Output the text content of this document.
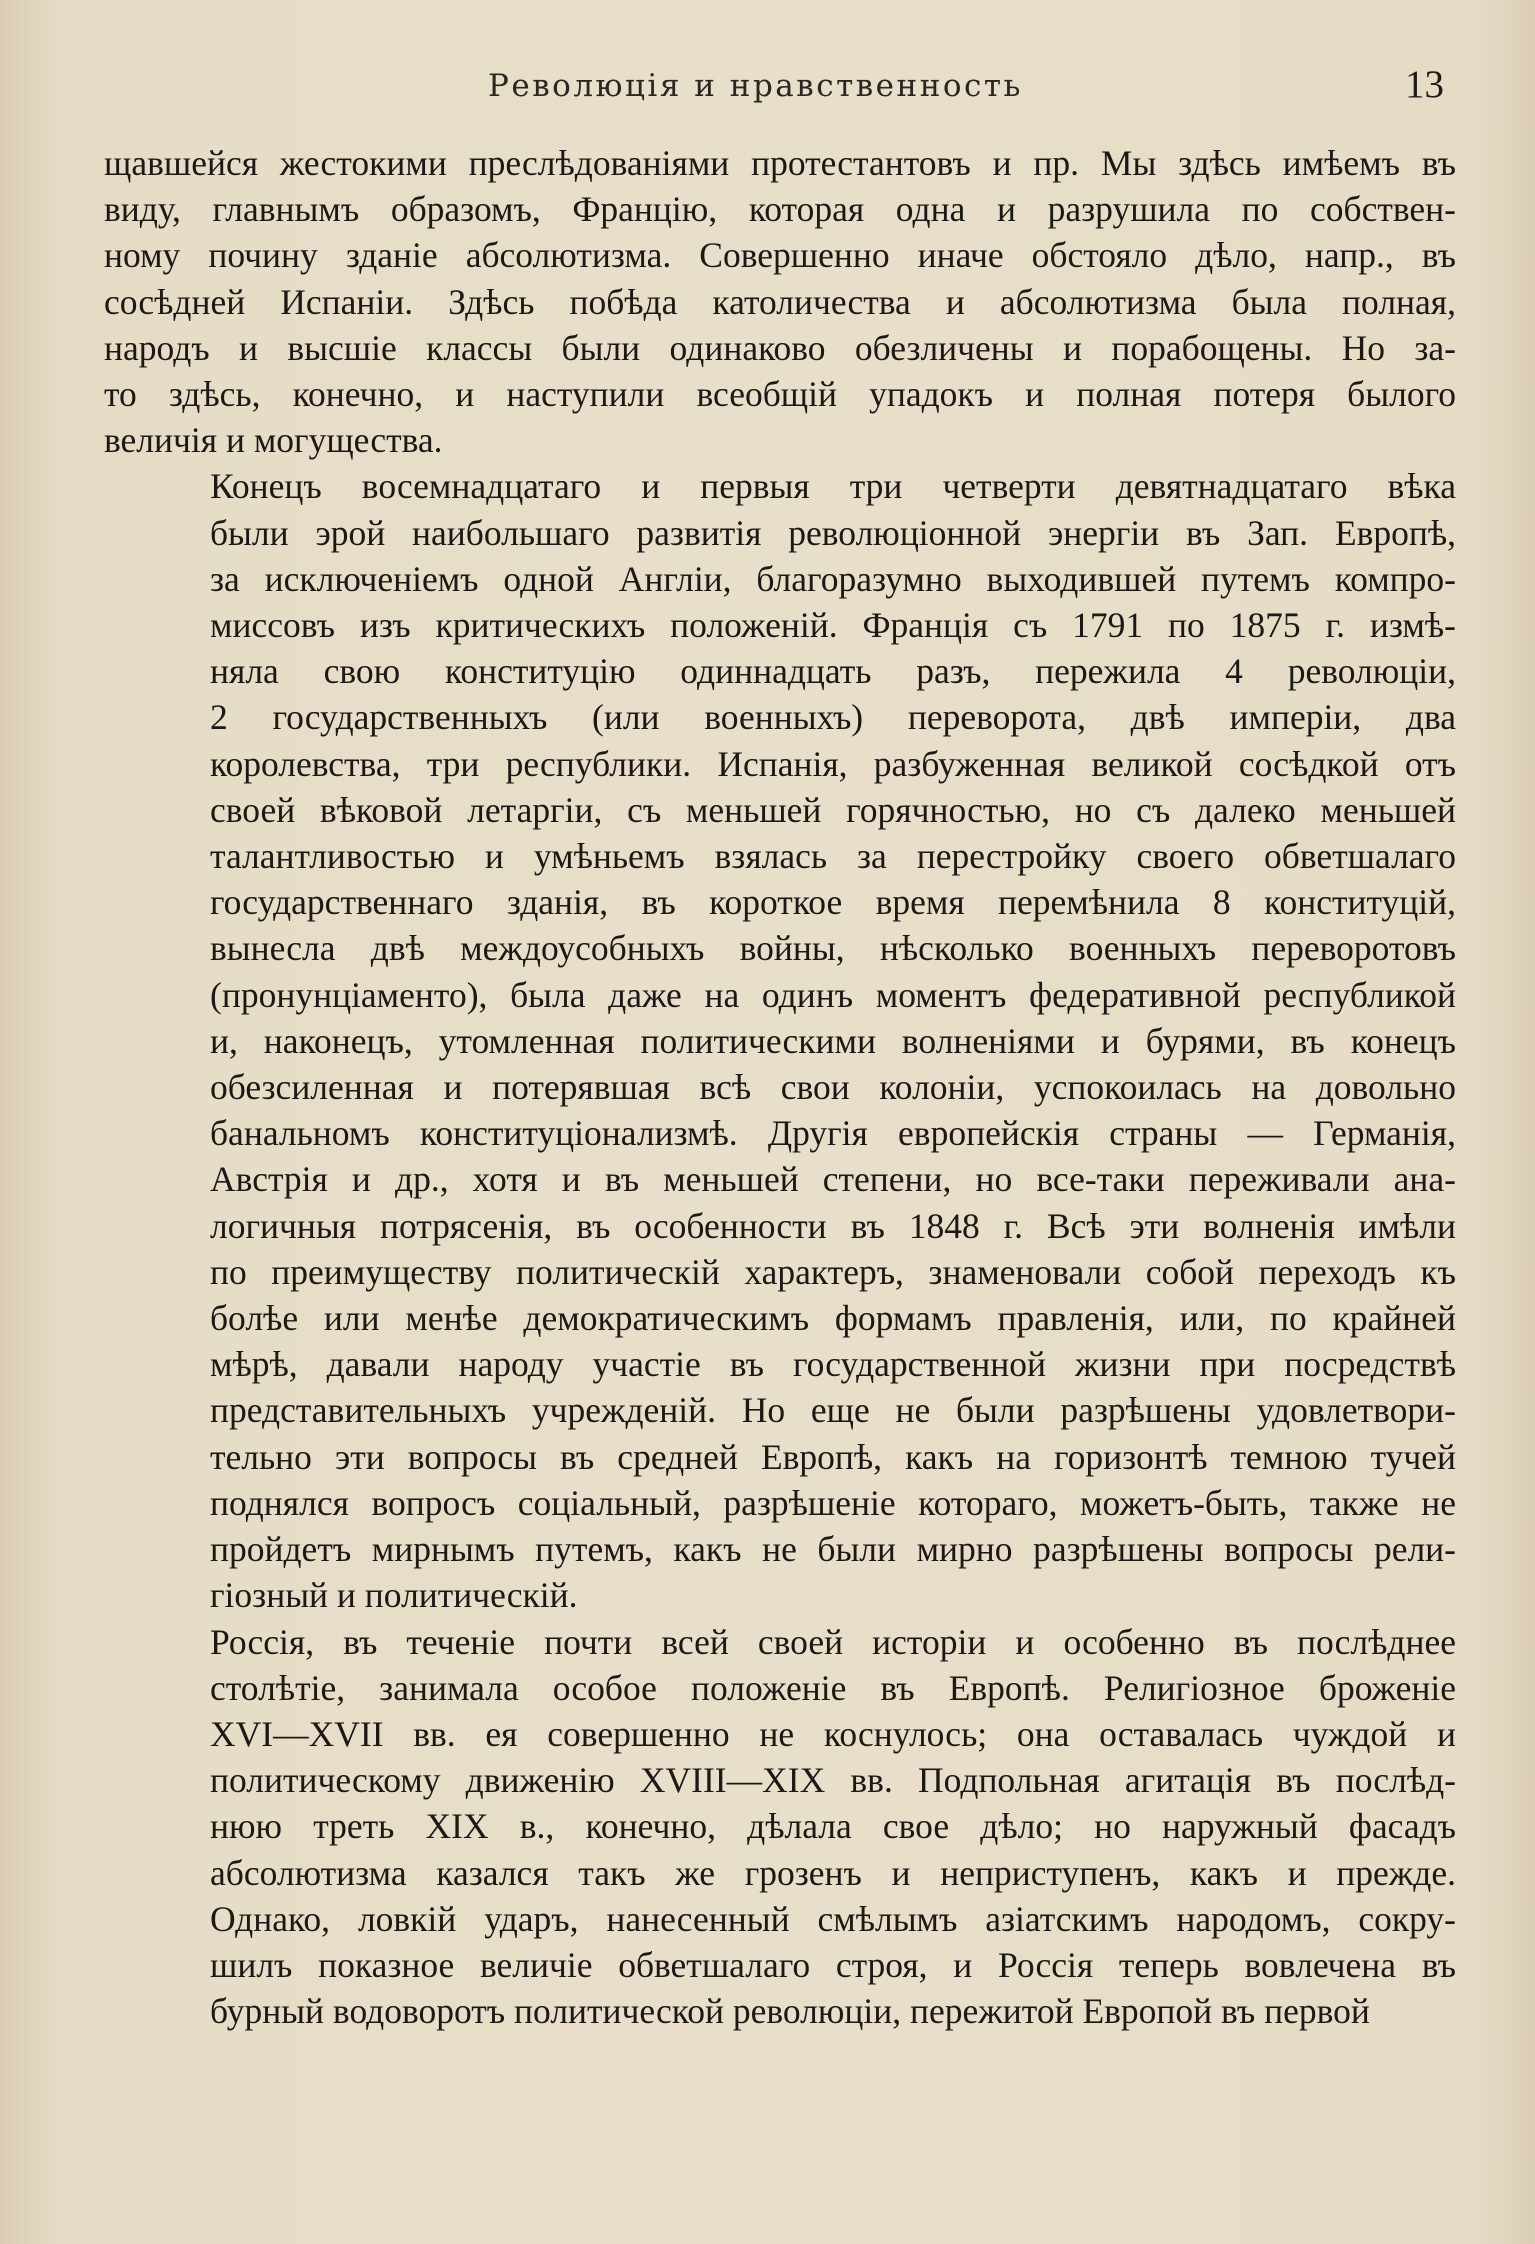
Революція и нравственность	13
щавшейся жестокими преслѣдованіями протестантовъ и пр. Мы здѣсь имѣемъ въ
виду, главнымъ образомъ, Францію, которая одна и разрушила по собствен-
ному почину зданіе абсолютизма. Совершенно иначе обстояло дѣло, напр., въ
сосѣдней Испаніи. Здѣсь побѣда католичества и абсолютизма была полная,
народъ и высшіе классы были одинаково обезличены и порабощены. Но за-
то здѣсь, конечно, и наступили всеобщій упадокъ и полная потеря былого
величія и могущества.
Конецъ восемнадцатаго и первыя три четверти девятнадцатаго вѣка
были эрой наибольшаго развитія революціонной энергіи въ Зап. Европѣ,
за исключеніемъ одной Англіи, благоразумно выходившей путемъ компро-
миссовъ изъ критическихъ положеній. Франція съ 1791 по 1875 г. измѣ-
няла свою конституцію одиннадцать разъ, пережила 4 революціи,
2 государственныхъ (или военныхъ) переворота, двѣ имперіи, два
королевства, три республики. Испанія, разбуженная великой сосѣдкой отъ
своей вѣковой летаргіи, съ меньшей горячностью, но съ далеко меньшей
талантливостью и умѣньемъ взялась за перестройку своего обветшалаго
государственнаго зданія, въ короткое время перемѣнила 8 конституцій,
вынесла двѣ междоусобныхъ войны, нѣсколько военныхъ переворотовъ
(пронунціаменто), была даже на одинъ моментъ федеративной республикой
и, наконецъ, утомленная политическими волненіями и бурями, въ конецъ
обезсиленная и потерявшая всѣ свои колоніи, успокоилась на довольно
банальномъ конституціонализмѣ. Другія европейскія страны — Германія,
Австрія и др., хотя и въ меньшей степени, но все-таки переживали ана-
логичныя потрясенія, въ особенности въ 1848 г. Всѣ эти волненія имѣли
по преимуществу политическій характеръ, знаменовали собой переходъ къ
болѣе или менѣе демократическимъ формамъ правленія, или, по крайней
мѣрѣ, давали народу участіе въ государственной жизни при посредствѣ
представительныхъ учрежденій. Но еще не были разрѣшены удовлетвори-
тельно эти вопросы въ средней Европѣ, какъ на горизонтѣ темною тучей
поднялся вопросъ соціальный, разрѣшеніе котораго, можетъ-быть, также не
пройдетъ мирнымъ путемъ, какъ не были мирно разрѣшены вопросы рели-
гіозный и политическій.
Россія, въ теченіе почти всей своей исторіи и особенно въ послѣднее
столѣтіе, занимала особое положеніе въ Европѣ. Религіозное броженіе
XVI—XVII вв. ея совершенно не коснулось; она оставалась чуждой и
политическому движенію XVIII—XIX вв. Подпольная агитація въ послѣд-
нюю треть XIX в., конечно, дѣлала свое дѣло; но наружный фасадъ
абсолютизма казался такъ же грозенъ и неприступенъ, какъ и прежде.
Однако, ловкій ударъ, нанесенный смѣлымъ азіатскимъ народомъ, сокру-
шилъ показное величіе обветшалаго строя, и Россія теперь вовлечена въ
бурный водоворотъ политической революціи, пережитой Европой въ первой
